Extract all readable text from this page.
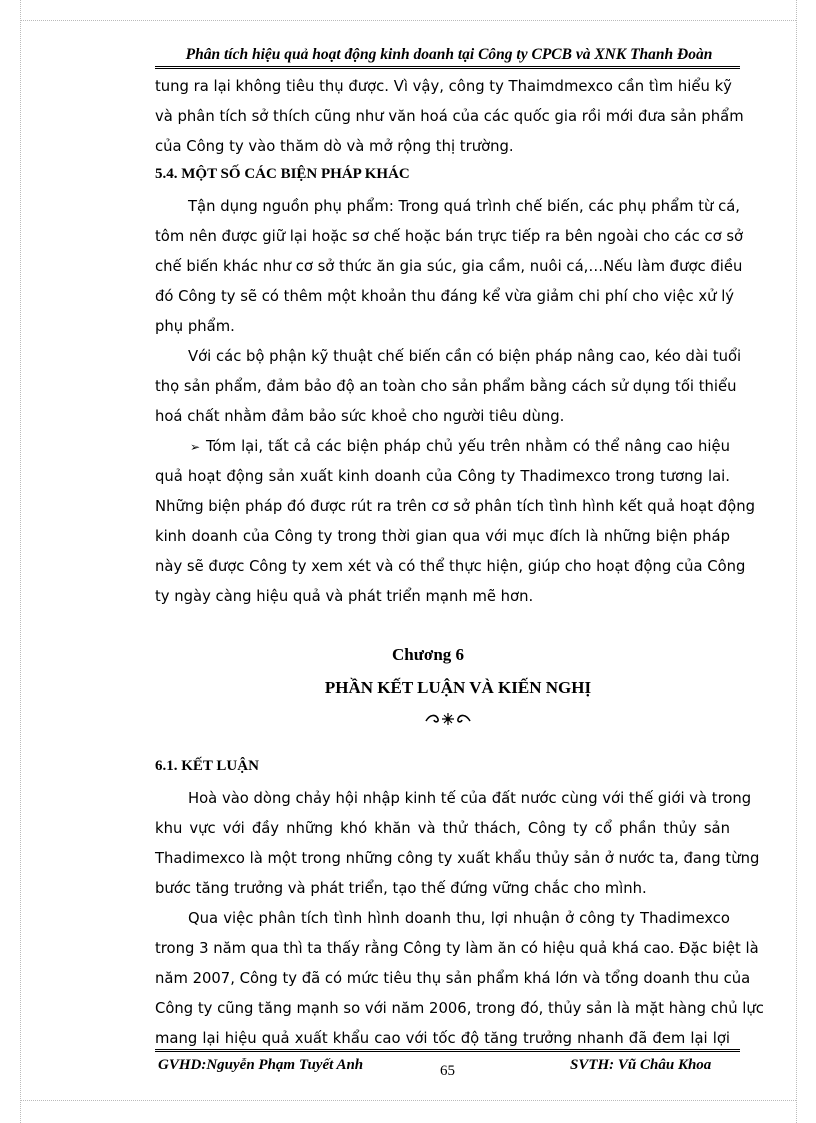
Phân tích hiệu quả hoạt động kinh doanh tại Công ty CPCB và XNK Thanh Đoàn
tung ra lại không tiêu thụ được. Vì vậy, công ty Thaimdmexco cần tìm hiểu kỹ
và phân tích sở thích cũng như văn hoá của các quốc gia rồi mới đưa sản phẩm
của Công ty vào thăm dò và mở rộng thị trường.
5.4. MỘT SỐ CÁC BIỆN PHÁP KHÁC
Tận dụng nguồn phụ phẩm: Trong quá trình chế biến, các phụ phẩm từ cá,
tôm nên được giữ lại hoặc sơ chế hoặc bán trực tiếp ra bên ngoài cho các cơ sở
chế biến khác như cơ sở thức ăn gia súc, gia cầm, nuôi cá,…Nếu làm được điều
đó Công ty sẽ có thêm một khoản thu đáng kể vừa giảm chi phí cho việc xử lý
phụ phẩm.
Với các bộ phận kỹ thuật chế biến cần có biện pháp nâng cao, kéo dài tuổi
thọ sản phẩm, đảm bảo độ an toàn cho sản phẩm bằng cách sử dụng tối thiểu
hoá chất nhằm đảm bảo sức khoẻ cho người tiêu dùng.
➢ Tóm lại, tất cả các biện pháp chủ yếu trên nhằm có thể nâng cao hiệu
quả hoạt động sản xuất kinh doanh của Công ty Thadimexco trong tương lai.
Những biện pháp đó được rút ra trên cơ sở phân tích tình hình kết quả hoạt động
kinh doanh của Công ty trong thời gian qua với mục đích là những biện pháp
này sẽ được Công ty xem xét và có thể thực hiện, giúp cho hoạt động của Công
ty ngày càng hiệu quả và phát triển mạnh mẽ hơn.
Chương 6
PHẦN KẾT LUẬN VÀ KIẾN NGHỊ
6.1. KẾT LUẬN
Hoà vào dòng chảy hội nhập kinh tế của đất nước cùng với thế giới và trong
khu vực với đầy những khó khăn và thử thách, Công ty cổ phần thủy sản
Thadimexco là một trong những công ty xuất khẩu thủy sản ở nước ta, đang từng
bước tăng trưởng và phát triển, tạo thế đứng vững chắc cho mình.
Qua việc phân tích tình hình doanh thu, lợi nhuận ở công ty Thadimexco
trong 3 năm qua thì ta thấy rằng Công ty làm ăn có hiệu quả khá cao. Đặc biệt là
năm 2007, Công ty đã có mức tiêu thụ sản phẩm khá lớn và tổng doanh thu của
Công ty cũng tăng mạnh so với năm 2006, trong đó, thủy sản là mặt hàng chủ lực
mang lại hiệu quả xuất khẩu cao với tốc độ tăng trưởng nhanh đã đem lại lợi
GVHD:Nguyễn Phạm Tuyết Anh	65	SVTH: Vũ Châu Khoa
